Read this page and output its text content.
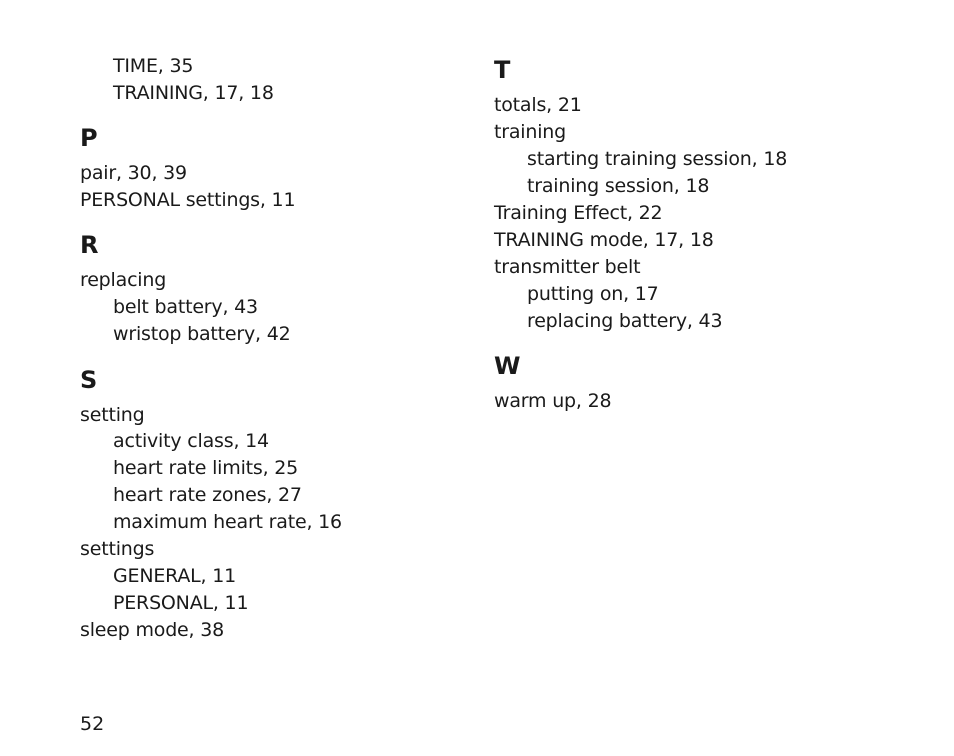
TIME, 35
TRAINING, 17, 18
P
pair, 30, 39
PERSONAL settings, 11
R
replacing
belt battery, 43
wristop battery, 42
S
setting
activity class, 14
heart rate limits, 25
heart rate zones, 27
maximum heart rate, 16
settings
GENERAL, 11
PERSONAL, 11
sleep mode, 38
T
totals, 21
training
starting training session, 18
training session, 18
Training Effect, 22
TRAINING mode, 17, 18
transmitter belt
putting on, 17
replacing battery, 43
W
warm up, 28
52
